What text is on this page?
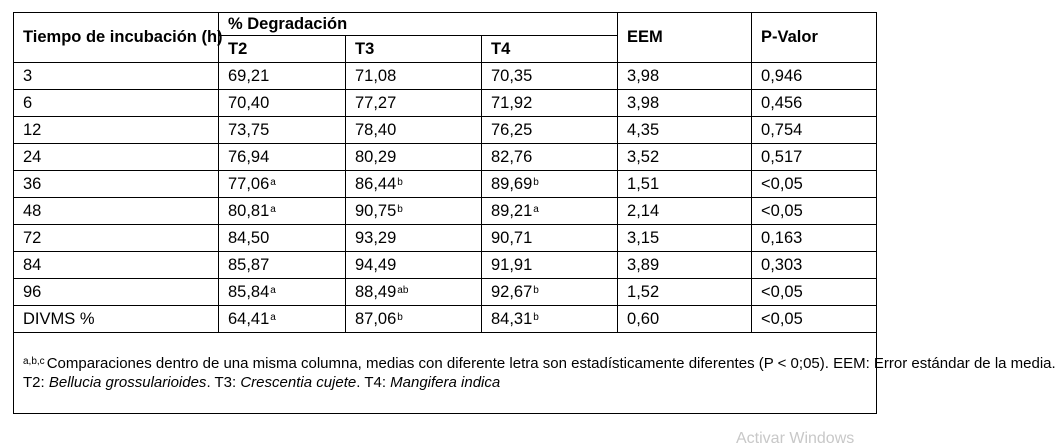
Tiempo de incubación (h)	% Degradación			EEM	P-Valor
	T2	T3	T4		
3	69,21	71,08	70,35	3,98	0,946
6	70,40	77,27	71,92	3,98	0,456
12	73,75	78,40	76,25	4,35	0,754
24	76,94	80,29	82,76	3,52	0,517
36	77,06$^a$	86,44$^b$	89,69$^b$	1,51	<0,05
48	80,81$^a$	90,75$^b$	89,21$^a$	2,14	<0,05
72	84,50	93,29	90,71	3,15	0,163
84	85,87	94,49	91,91	3,89	0,303
96	85,84$^a$	88,49$^{ab}$	92,67$^b$	1,52	<0,05
DIVMS %	64,41$^a$	87,06$^b$	84,31$^b$	0,60	<0,05

$^{a,b,c}$ Comparaciones dentro de una misma columna, medias con diferente letra son estadísticamente diferentes (P < 0;05). EEM: Error estándar de la media.
T2: Bellucia grossularioides. T3: Crescentia cujete. T4: Mangifera indica					
Activar Windows
